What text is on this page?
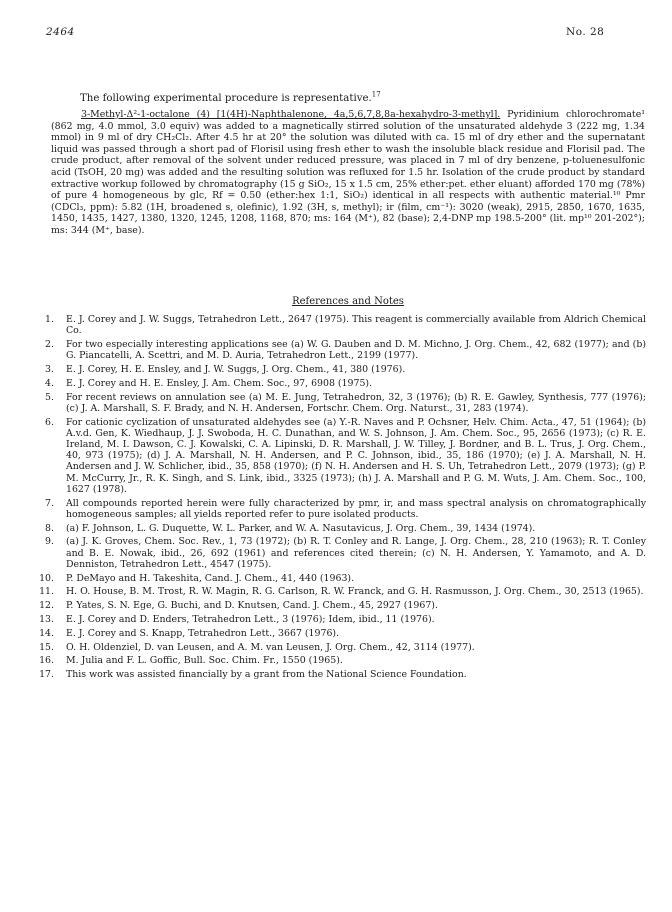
2464	No. 28
The following experimental procedure is representative.$^{17}$

3-Methyl-Δ²-1-octalone (4) [1(4H)-Naphthalenone, 4a,5,6,7,8,8a-hexahydro-3-methyl]. Pyridinium chlorochromate¹ (862 mg, 4.0 mmol, 3.0 equiv) was added to a magnetically stirred solution of the unsaturated aldehyde 3 (222 mg, 1.34 mmol) in 9 ml of dry CH₂Cl₂. After 4.5 hr at 20° the solution was diluted with ca. 15 ml of dry ether and the supernatant liquid was passed through a short pad of Florisil using fresh ether to wash the insoluble black residue and Florisil pad. The crude product, after removal of the solvent under reduced pressure, was placed in 7 ml of dry benzene, p-toluenesulfonic acid (TsOH, 20 mg) was added and the resulting solution was refluxed for 1.5 hr. Isolation of the crude product by standard extractive workup followed by chromatography (15 g SiO₂, 15 x 1.5 cm, 25% ether:pet. ether eluant) afforded 170 mg (78%) of pure 4 homogeneous by glc, Rf = 0.50 (ether:hex 1:1, SiO₂) identical in all respects with authentic material.¹⁰ Pmr (CDCl₃, ppm): 5.82 (1H, broadened s, olefinic), 1.92 (3H, s, methyl); ir (film, cm⁻¹): 3020 (weak), 2915, 2850, 1670, 1635, 1450, 1435, 1427, 1380, 1320, 1245, 1208, 1168, 870; ms: 164 (M⁺), 82 (base); 2,4-DNP mp 198.5-200° (lit. mp¹⁰ 201-202°); ms: 344 (M⁺, base).

References and Notes
1. E. J. Corey and J. W. Suggs, Tetrahedron Lett., 2647 (1975). This reagent is commercially available from Aldrich Chemical Co.
2. For two especially interesting applications see (a) W. G. Dauben and D. M. Michno, J. Org. Chem., 42, 682 (1977); and (b) G. Piancatelli, A. Scettri, and M. D. Auria, Tetrahedron Lett., 2199 (1977).
3. E. J. Corey, H. E. Ensley, and J. W. Suggs, J. Org. Chem., 41, 380 (1976).
4. E. J. Corey and H. E. Ensley, J. Am. Chem. Soc., 97, 6908 (1975).
5. For recent reviews on annulation see (a) M. E. Jung, Tetrahedron, 32, 3 (1976); (b) R. E. Gawley, Synthesis, 777 (1976); (c) J. A. Marshall, S. F. Brady, and N. H. Andersen, Fortschr. Chem. Org. Naturst., 31, 283 (1974).
6. For cationic cyclization of unsaturated aldehydes see (a) Y.-R. Naves and P. Ochsner, Helv. Chim. Acta., 47, 51 (1964); (b) A.v.d. Gen, K. Wiedhaup, J. J. Swoboda, H. C. Dunathan, and W. S. Johnson, J. Am. Chem. Soc., 95, 2656 (1973); (c) R. E. Ireland, M. I. Dawson, C. J. Kowalski, C. A. Lipinski, D. R. Marshall, J. W. Tilley, J. Bordner, and B. L. Trus, J. Org. Chem., 40, 973 (1975); (d) J. A. Marshall, N. H. Andersen, and P. C. Johnson, ibid., 35, 186 (1970); (e) J. A. Marshall, N. H. Andersen and J. W. Schlicher, ibid., 35, 858 (1970); (f) N. H. Andersen and H. S. Uh, Tetrahedron Lett., 2079 (1973); (g) P. M. McCurry, Jr., R. K. Singh, and S. Link, ibid., 3325 (1973); (h) J. A. Marshall and P. G. M. Wuts, J. Am. Chem. Soc., 100, 1627 (1978).
7. All compounds reported herein were fully characterized by pmr, ir, and mass spectral analysis on chromatographically homogeneous samples; all yields reported refer to pure isolated products.
8. (a) F. Johnson, L. G. Duquette, W. L. Parker, and W. A. Nasutavicus, J. Org. Chem., 39, 1434 (1974).
9. (a) J. K. Groves, Chem. Soc. Rev., 1, 73 (1972); (b) R. T. Conley and R. Lange, J. Org. Chem., 28, 210 (1963); R. T. Conley and B. E. Nowak, ibid., 26, 692 (1961) and references cited therein; (c) N. H. Andersen, Y. Yamamoto, and A. D. Denniston, Tetrahedron Lett., 4547 (1975).
10. P. DeMayo and H. Takeshita, Cand. J. Chem., 41, 440 (1963).
11. H. O. House, B. M. Trost, R. W. Magin, R. G. Carlson, R. W. Franck, and G. H. Rasmusson, J. Org. Chem., 30, 2513 (1965).
12. P. Yates, S. N. Ege, G. Buchi, and D. Knutsen, Cand. J. Chem., 45, 2927 (1967).
13. E. J. Corey and D. Enders, Tetrahedron Lett., 3 (1976); Idem, ibid., 11 (1976).
14. E. J. Corey and S. Knapp, Tetrahedron Lett., 3667 (1976).
15. O. H. Oldenziel, D. van Leusen, and A. M. van Leusen, J. Org. Chem., 42, 3114 (1977).
16. M. Julia and F. L. Goffic, Bull. Soc. Chim. Fr., 1550 (1965).
17. This work was assisted financially by a grant from the National Science Foundation.
